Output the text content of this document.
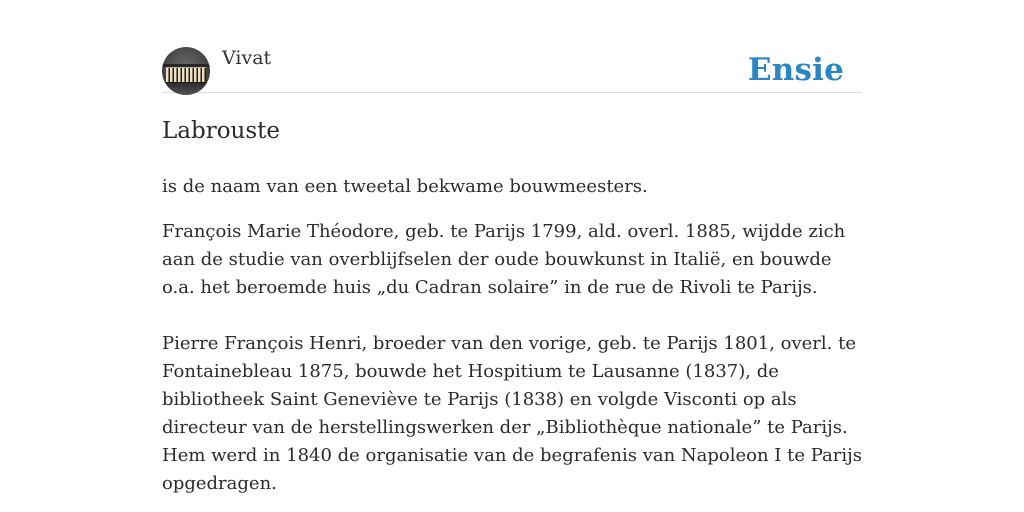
Vivat	Ensie
Labrouste
is de naam van een tweetal bekwame bouwmeesters.

François Marie Théodore, geb. te Parijs 1799, ald. overl. 1885, wijdde zich aan de studie van overblijfselen der oude bouwkunst in Italië, en bouwde o.a. het beroemde huis „du Cadran solaire” in de rue de Rivoli te Parijs.

Pierre François Henri, broeder van den vorige, geb. te Parijs 1801, overl. te Fontainebleau 1875, bouwde het Hospitium te Lausanne (1837), de bibliotheek Saint Geneviève te Parijs (1838) en volgde Visconti op als directeur van de herstellingswerken der „Bibliothèque nationale” te Parijs. Hem werd in 1840 de organisatie van de begrafenis van Napoleon I te Parijs opgedragen.
